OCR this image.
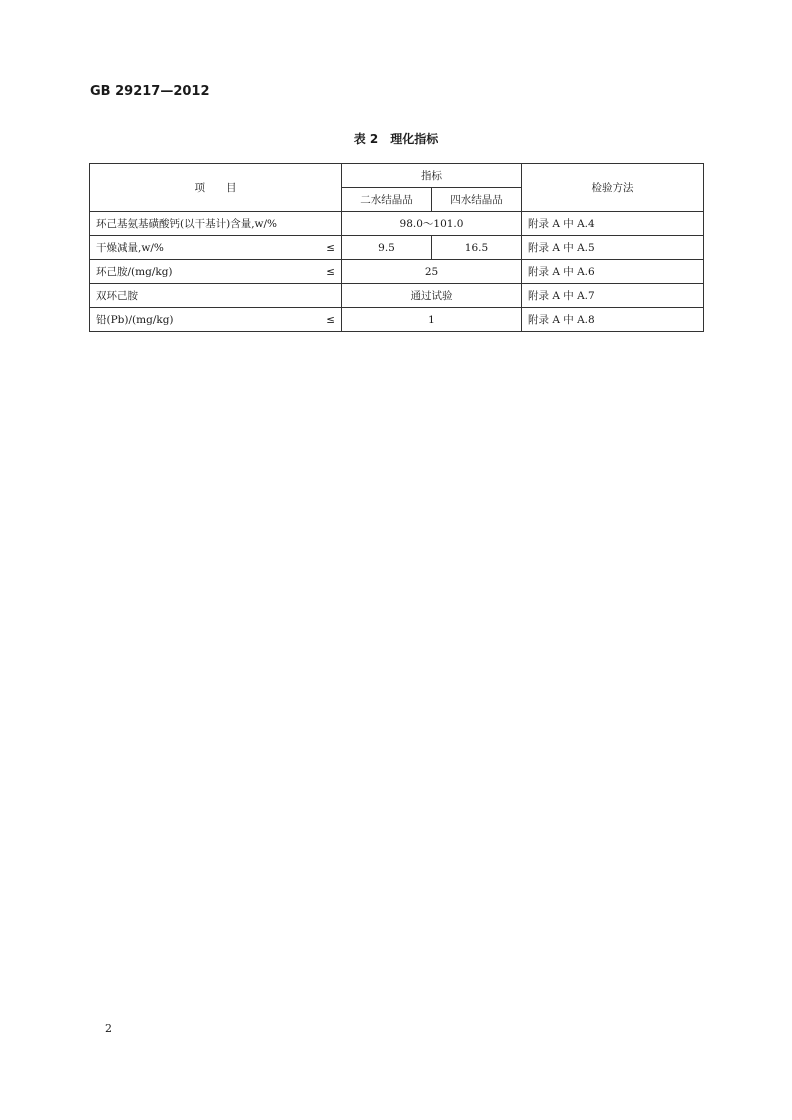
GB 29217—2012
表 2　理化指标
项　　目	指标		检验方法
	二水结晶品	四水结晶品	
环己基氨基磺酸钙(以干基计)含量,w/%	98.0～101.0		附录 A 中 A.4

干燥减量,w/% ≤	9.5	16.5	附录 A 中 A.5

环己胺/(mg/kg) ≤	25		附录 A 中 A.6
双环己胺	通过试验		附录 A 中 A.7

铅(Pb)/(mg/kg) ≤	1		附录 A 中 A.8
2
